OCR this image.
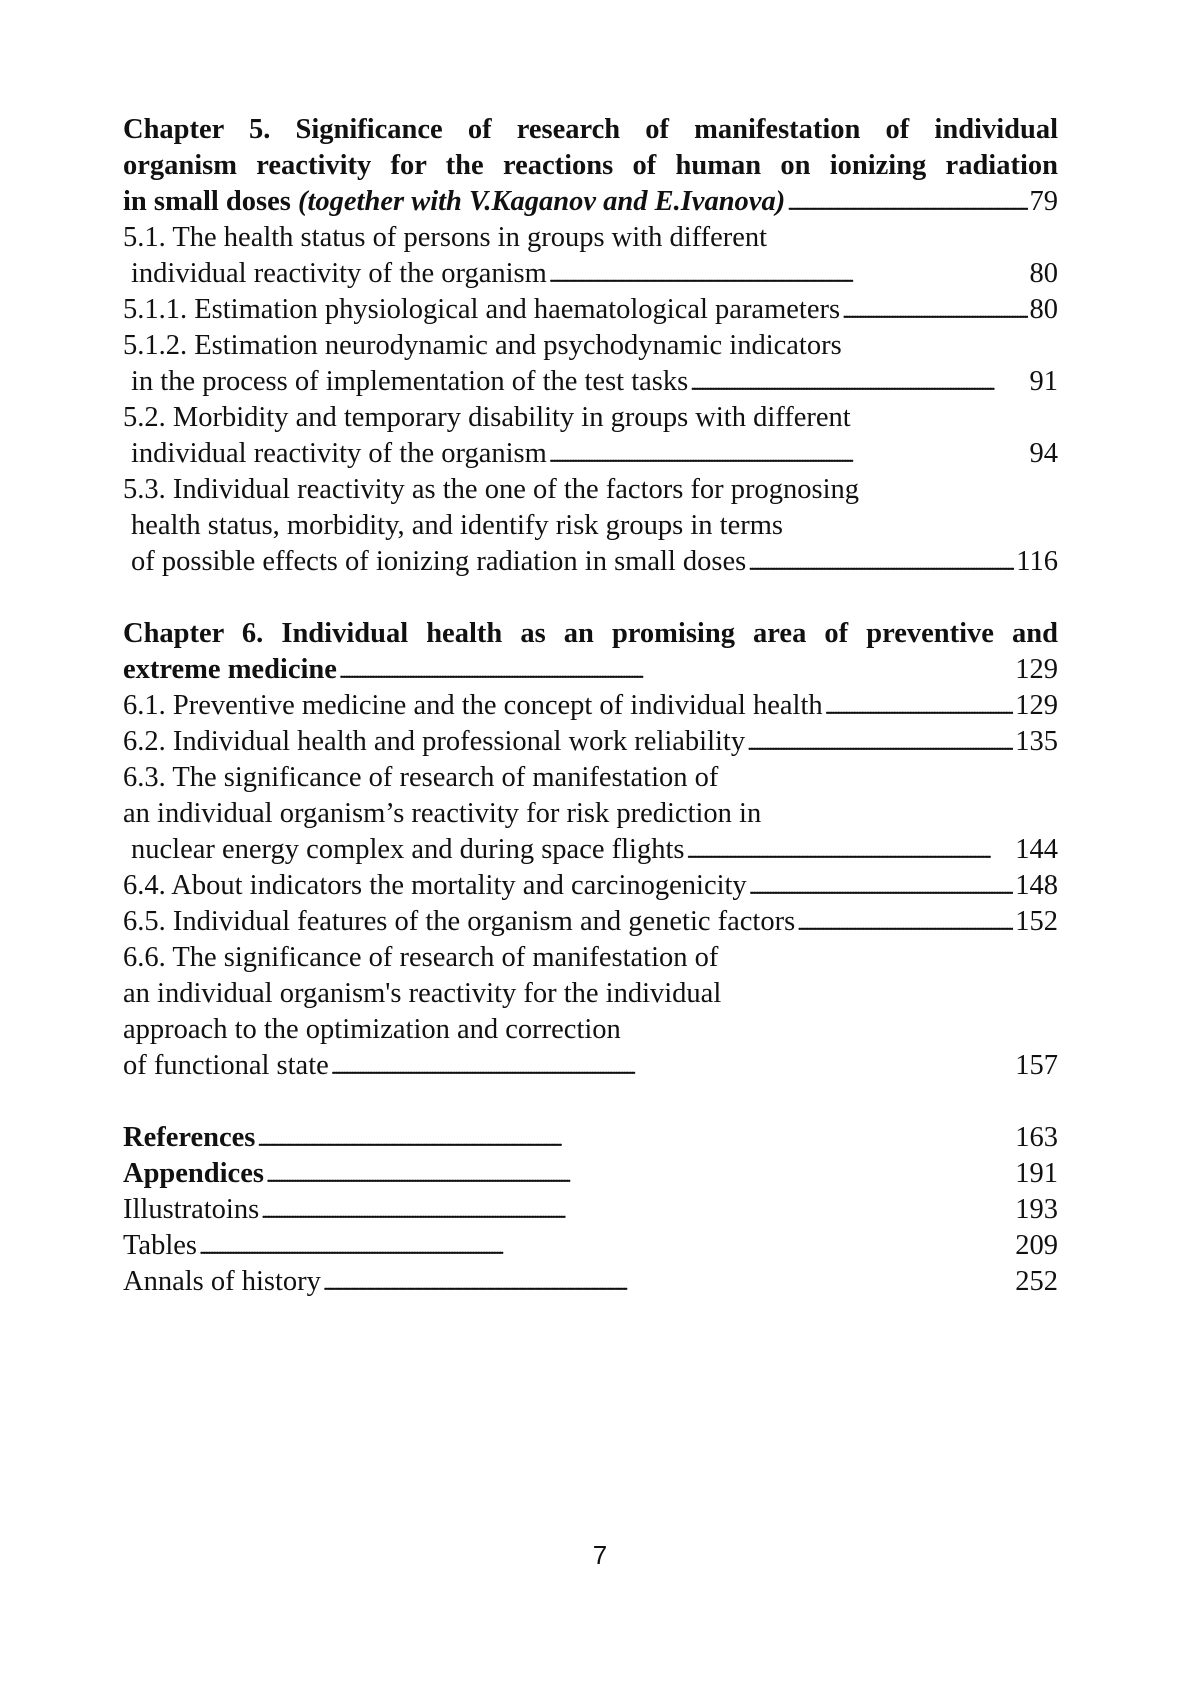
Chapter 5. Significance of research of manifestation of individual
organism reactivity for the reactions of human on ionizing radiation
in small doses (together with V.Kaganov and E.Ivanova) . . .	79
5.1. The health status of persons in groups with different
individual reactivity of the organism . . .	80
5.1.1. Estimation physiological and haematological parameters . . .	80
5.1.2. Estimation neurodynamic and psychodynamic indicators
in the process of implementation of the test tasks . . .	91
5.2. Morbidity and temporary disability in groups with different
individual reactivity of the organism . . .	94
5.3. Individual reactivity as the one of the factors for prognosing
health status, morbidity, and identify risk groups in terms
of possible effects of ionizing radiation in small doses . . .	116
Chapter 6. Individual health as an promising area of preventive and
extreme medicine . . .	129
6.1. Preventive medicine and the concept of individual health . . .	129
6.2. Individual health and professional work reliability . . .	135
6.3. The significance of research of manifestation of
an individual organism’s reactivity for risk prediction in
nuclear energy complex and during space flights . . .	144
6.4. About indicators the mortality and carcinogenicity . . .	148
6.5. Individual features of the organism and genetic factors . . .	152
6.6. The significance of research of manifestation of
an individual organism's reactivity for the individual
approach to the optimization and correction
of functional state . . .	157
References . . .	163
Appendices . . .	191
Illustratoins . . .	193
Tables . . .	209
Annals of history . . .	252
7
